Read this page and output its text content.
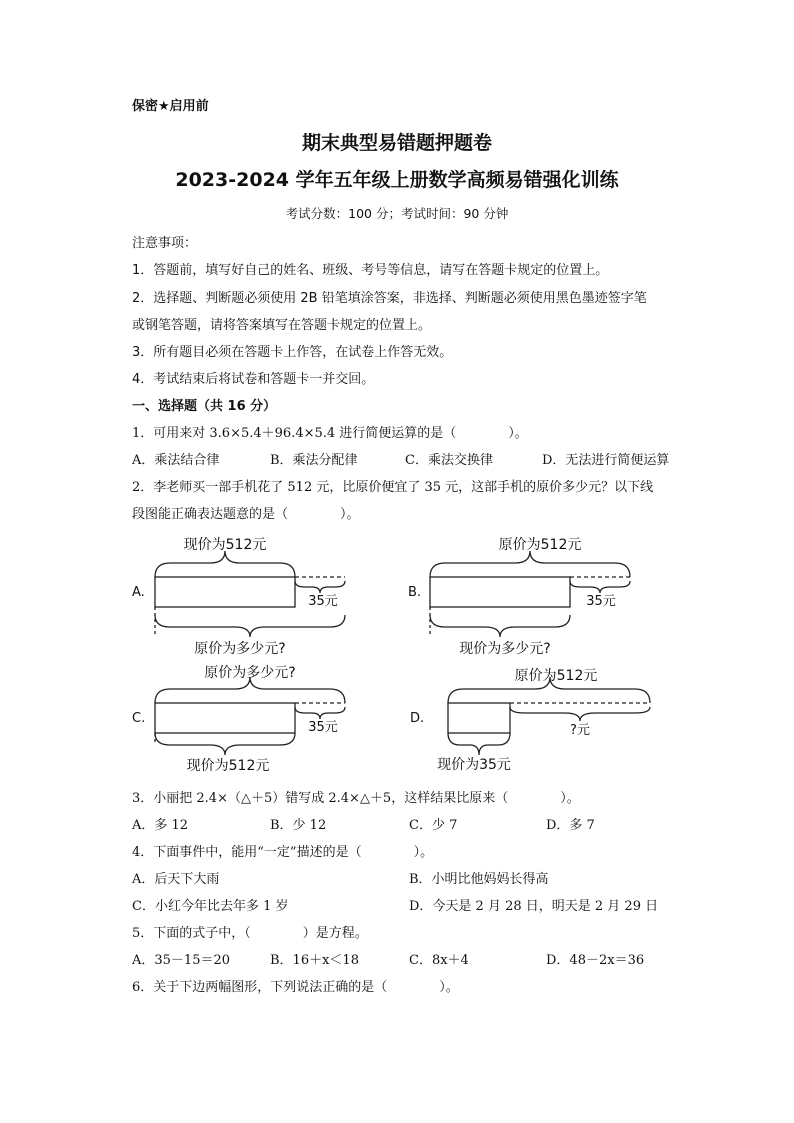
保密★启用前
期末典型易错题押题卷
2023-2024 学年五年级上册数学高频易错强化训练
考试分数：100 分；考试时间：90 分钟
注意事项：
1．答题前，填写好自己的姓名、班级、考号等信息，请写在答题卡规定的位置上。
2．选择题、判断题必须使用 2B 铅笔填涂答案，非选择、判断题必须使用黑色墨迹签字笔
或钢笔答题，请将答案填写在答题卡规定的位置上。
3．所有题目必须在答题卡上作答，在试卷上作答无效。
4．考试结束后将试卷和答题卡一并交回。
一、选择题（共 16 分）
1．可用来对 3.6×5.4＋96.4×5.4 进行简便运算的是（　　　　）。
A．乘法结合律	B．乘法分配律	C．乘法交换律	D．无法进行简便运算
2．李老师买一部手机花了 512 元，比原价便宜了 35 元，这部手机的原价多少元？以下线
段图能正确表达题意的是（　　　　）。
A.
现价为512元
35元
原价为多少元?
B.
原价为512元
35元
现价为多少元?
C.
原价为多少元?
35元
现价为512元
D.
原价为512元
?元
现价为35元
3．小丽把 2.4×（△＋5）错写成 2.4×△＋5，这样结果比原来（　　　　）。
A．多 12	B．少 12	C．少 7	D．多 7
4．下面事件中，能用“一定”描述的是（　　　　）。
A．后天下大雨	B．小明比他妈妈长得高
C．小红今年比去年多 1 岁	D．今天是 2 月 28 日，明天是 2 月 29 日
5．下面的式子中，（　　　　）是方程。
A．35－15＝20	B．16＋x＜18	C．8x＋4	D．48－2x＝36
6．关于下边两幅图形，下列说法正确的是（　　　　）。
